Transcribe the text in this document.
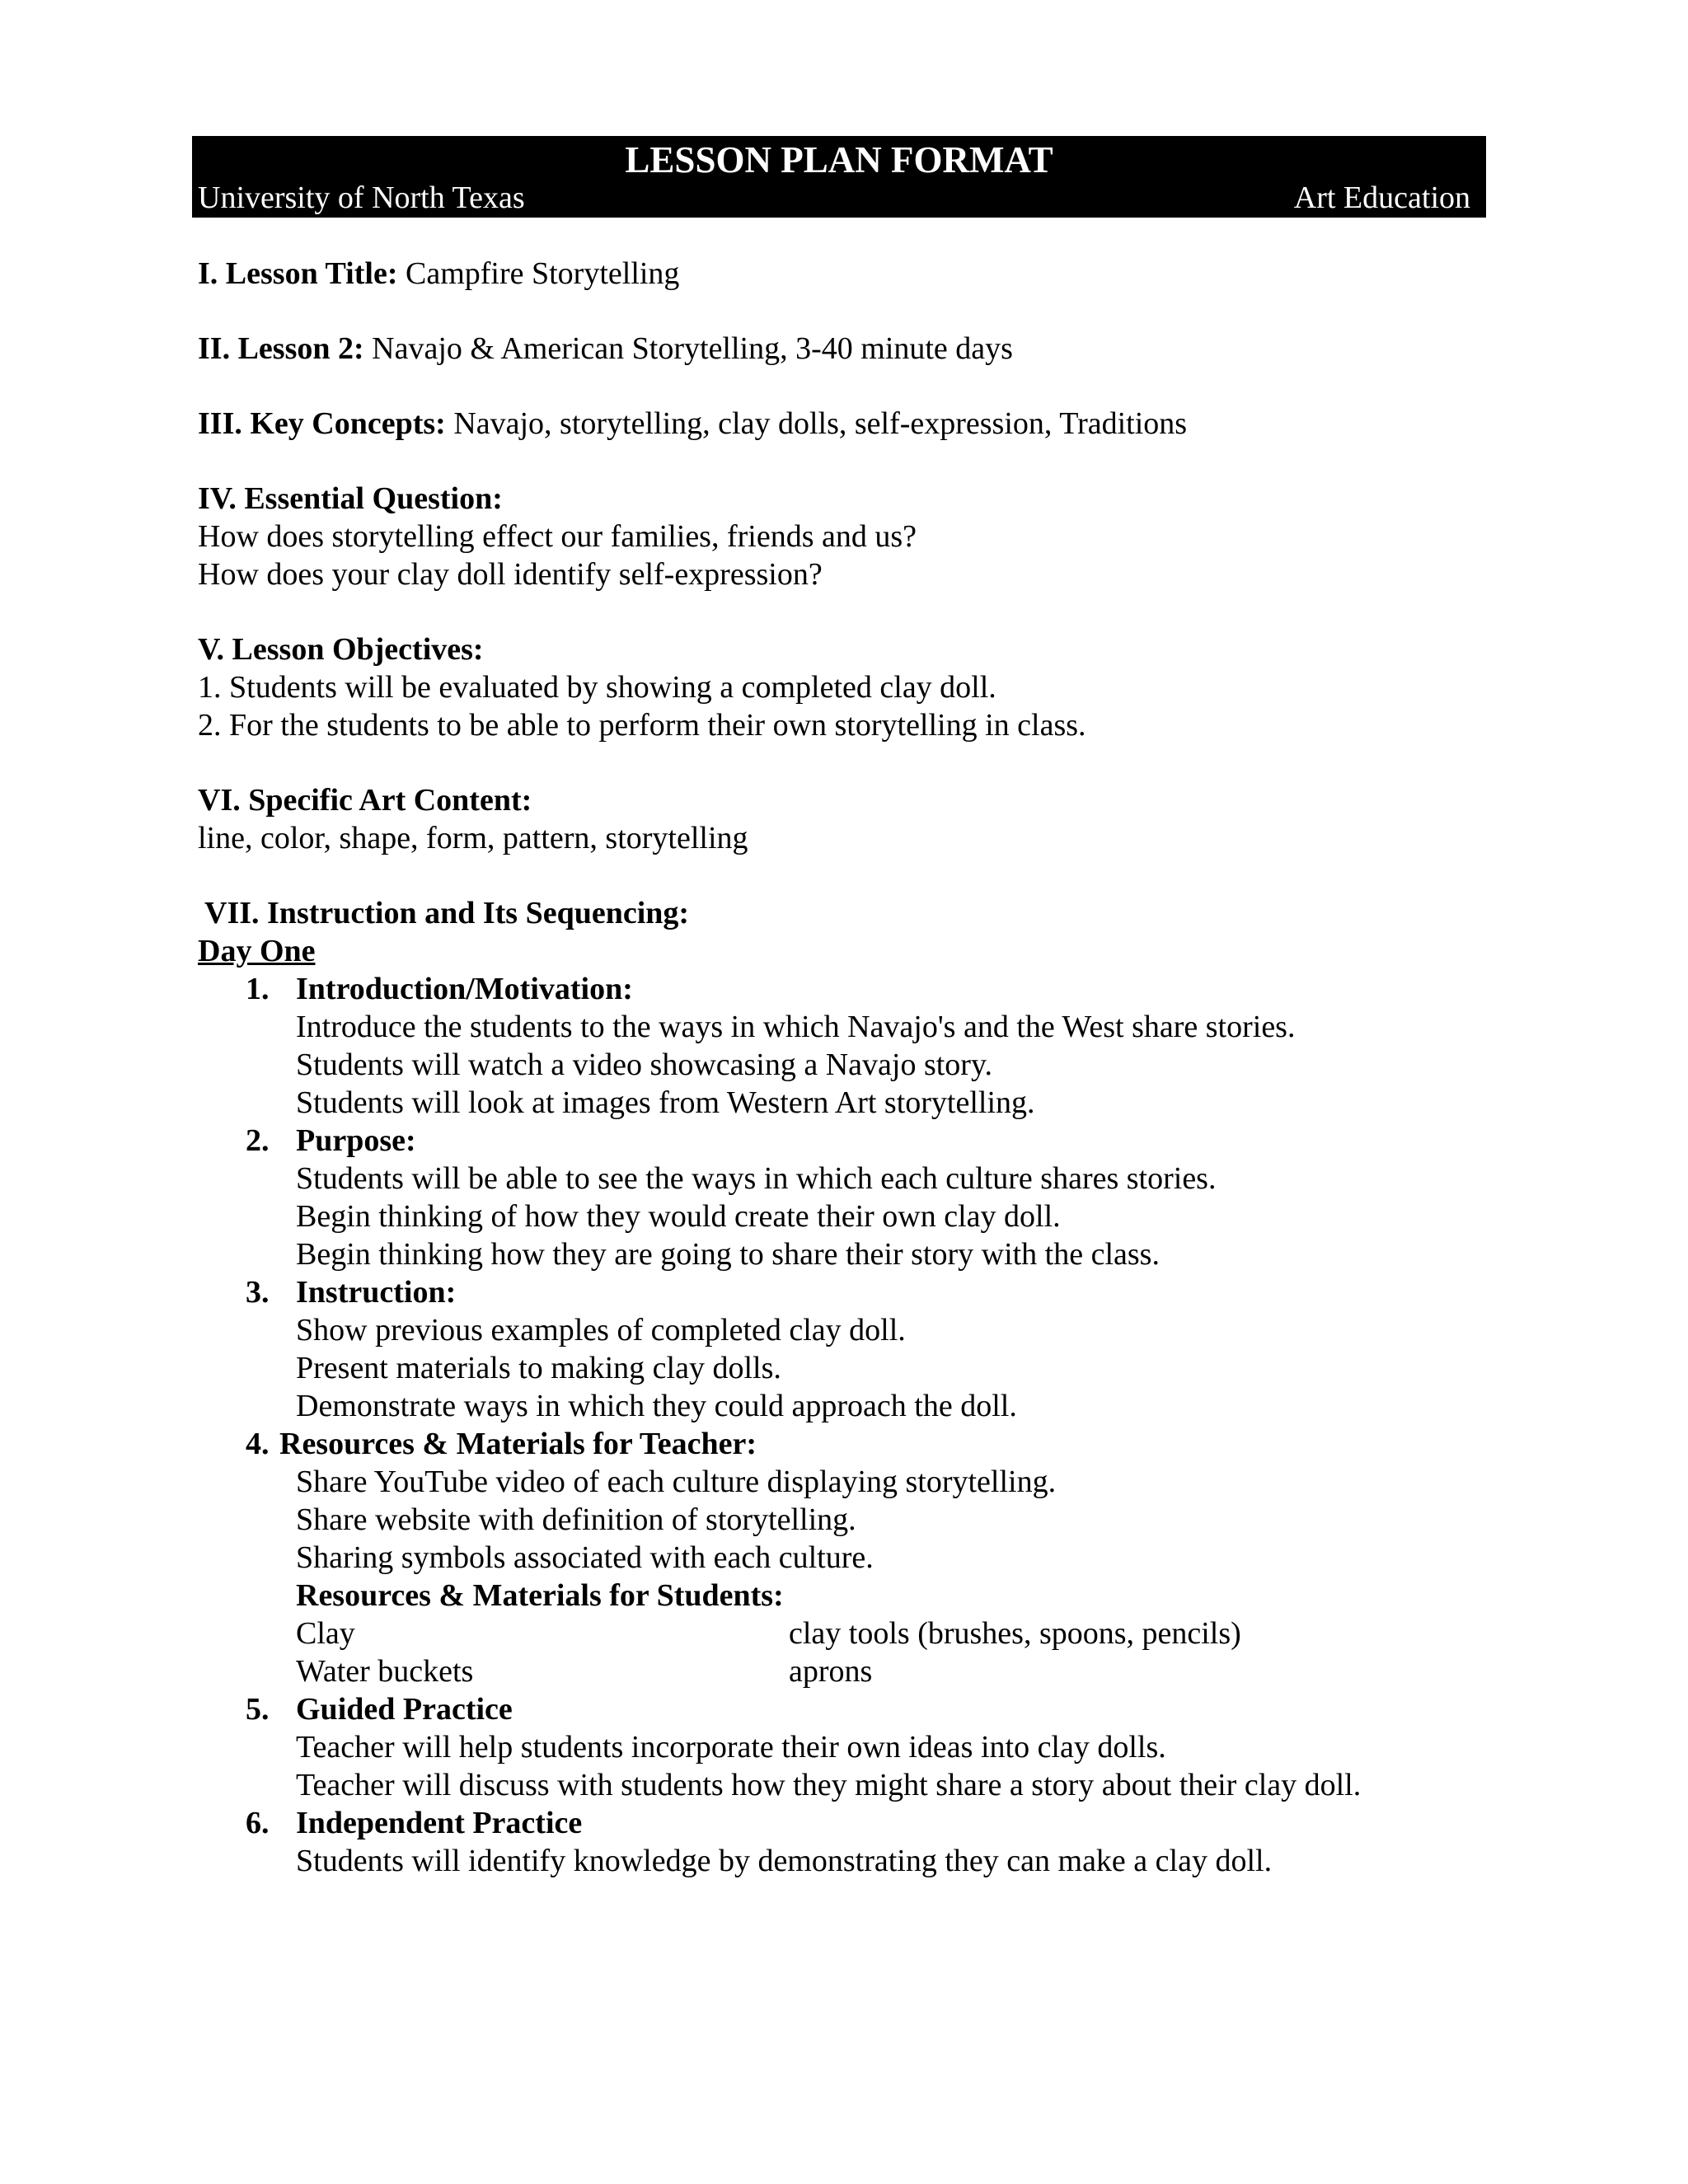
LESSON PLAN FORMAT
University of North Texas	Art Education
I. Lesson Title: Campfire Storytelling
II. Lesson 2: Navajo & American Storytelling, 3-40 minute days
III. Key Concepts: Navajo, storytelling, clay dolls, self-expression, Traditions
IV. Essential Question:
How does storytelling effect our families, friends and us?
How does your clay doll identify self-expression?
V. Lesson Objectives:
1. Students will be evaluated by showing a completed clay doll.
2. For the students to be able to perform their own storytelling in class.
VI. Specific Art Content:
line, color, shape, form, pattern, storytelling
VII. Instruction and Its Sequencing:
Day One
1. Introduction/Motivation:
Introduce the students to the ways in which Navajo's and the West share stories.
Students will watch a video showcasing a Navajo story.
Students will look at images from Western Art storytelling.
2. Purpose:
Students will be able to see the ways in which each culture shares stories.
Begin thinking of how they would create their own clay doll.
Begin thinking how they are going to share their story with the class.
3. Instruction:
Show previous examples of completed clay doll.
Present materials to making clay dolls.
Demonstrate ways in which they could approach the doll.
4. Resources & Materials for Teacher:
Share YouTube video of each culture displaying storytelling.
Share website with definition of storytelling.
Sharing symbols associated with each culture.
Resources & Materials for Students:
Clay	clay tools (brushes, spoons, pencils)
Water buckets	aprons
5. Guided Practice
Teacher will help students incorporate their own ideas into clay dolls.
Teacher will discuss with students how they might share a story about their clay doll.
6. Independent Practice
Students will identify knowledge by demonstrating they can make a clay doll.
